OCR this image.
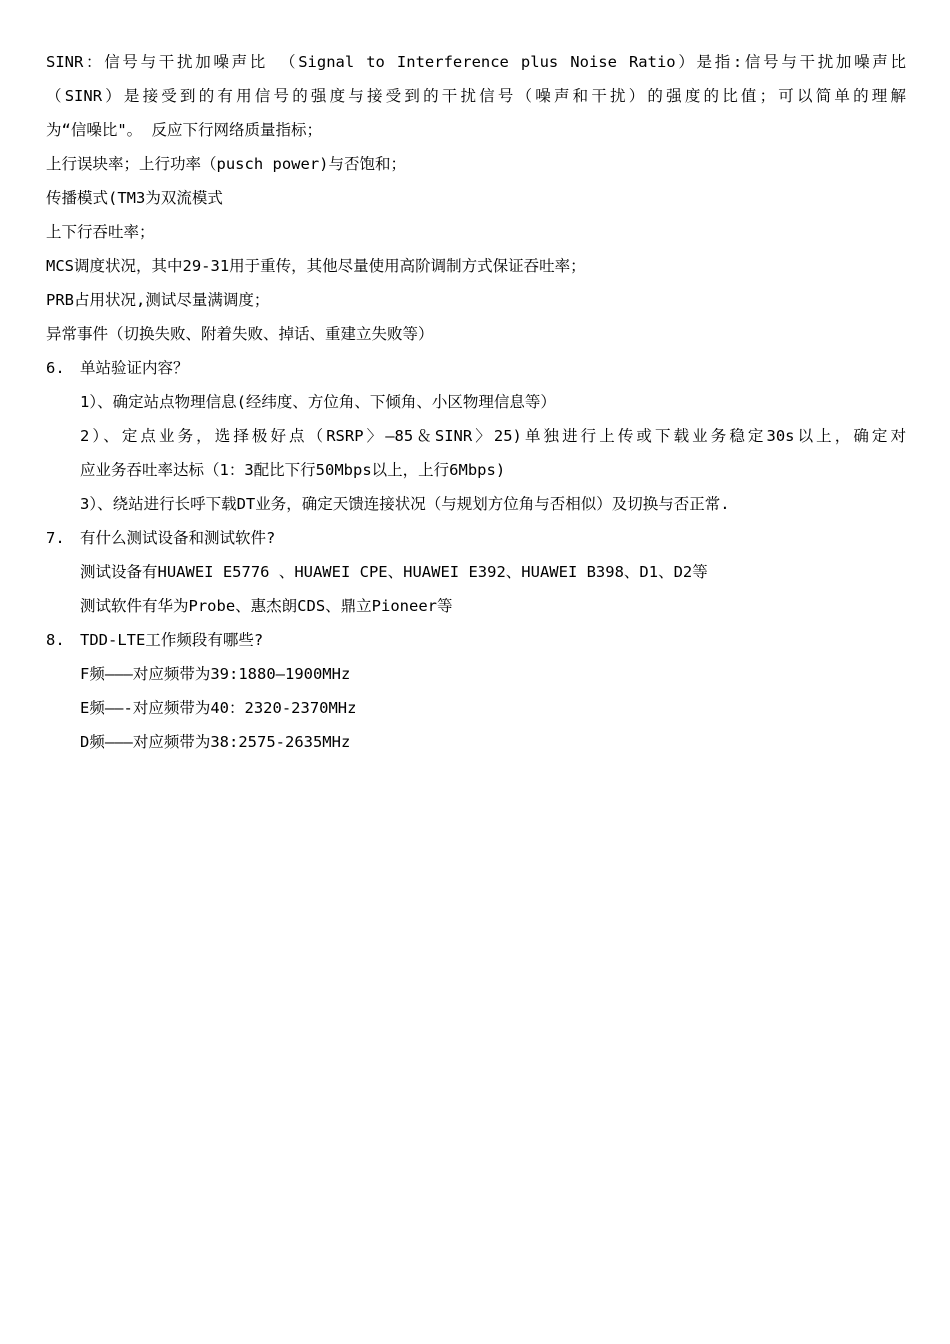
SINR：信号与干扰加噪声比 （Signal to Interference plus Noise Ratio）是指:信号与干扰加噪声比
（SINR）是接受到的有用信号的强度与接受到的干扰信号（噪声和干扰）的强度的比值；可以简单的理解
为“信噪比"。 反应下行网络质量指标；
上行误块率；上行功率（pusch power)与否饱和；
传播模式(TM3为双流模式
上下行吞吐率；
MCS调度状况，其中29-31用于重传，其他尽量使用高阶调制方式保证吞吐率；
PRB占用状况,测试尽量满调度；
异常事件（切换失败、附着失败、掉话、重建立失败等）
6. 单站验证内容？
1）、确定站点物理信息(经纬度、方位角、下倾角、小区物理信息等）
2）、定点业务，选择极好点（RSRP〉—85＆SINR〉25)单独进行上传或下载业务稳定30s以上，确定对
应业务吞吐率达标（1：3配比下行50Mbps以上，上行6Mbps)
3）、绕站进行长呼下载DT业务，确定天馈连接状况（与规划方位角与否相似）及切换与否正常.
7. 有什么测试设备和测试软件?
测试设备有HUAWEI E5776 、HUAWEI CPE、HUAWEI E392、HUAWEI B398、D1、D2等
测试软件有华为Probe、惠杰朗CDS、鼎立Pioneer等
8. TDD-LTE工作频段有哪些?
F频———对应频带为39:1880—1900MHz
E频——-对应频带为40：2320-2370MHz
D频———对应频带为38:2575-2635MHz
